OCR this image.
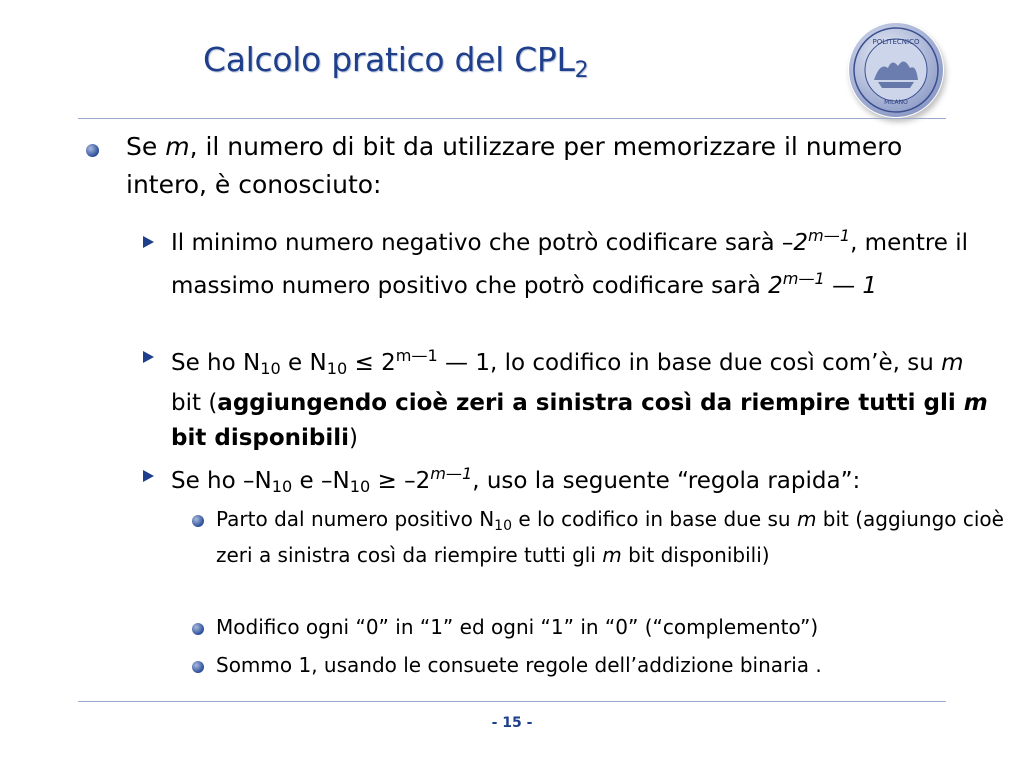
Calcolo pratico del $CPL_2$
POLITECNICO
MILANO
Se m, il numero di bit da utilizzare per memorizzare il numero intero, è conosciuto:
Il minimo numero negativo che potrò codificare sarà $-2^{m—1}$, mentre il massimo numero positivo che potrò codificare sarà $2^{m—1}$ — 1
Se ho $N_{10}$ e $N_{10} \le 2^{m—1}$ — 1, lo codifico in base due così com’è, su m bit (aggiungendo cioè zeri a sinistra così da riempire tutti gli m bit disponibili)
Se ho $-N_{10}$ e $-N_{10} \ge -2^{m—1}$, uso la seguente “regola rapida”:
Parto dal numero positivo $N_{10}$ e lo codifico in base due su m bit (aggiungo cioè zeri a sinistra così da riempire tutti gli m bit disponibili)
Modifico ogni “0” in “1” ed ogni “1” in “0” (“complemento”)
Sommo 1, usando le consuete regole dell’addizione binaria .
- 15 -
